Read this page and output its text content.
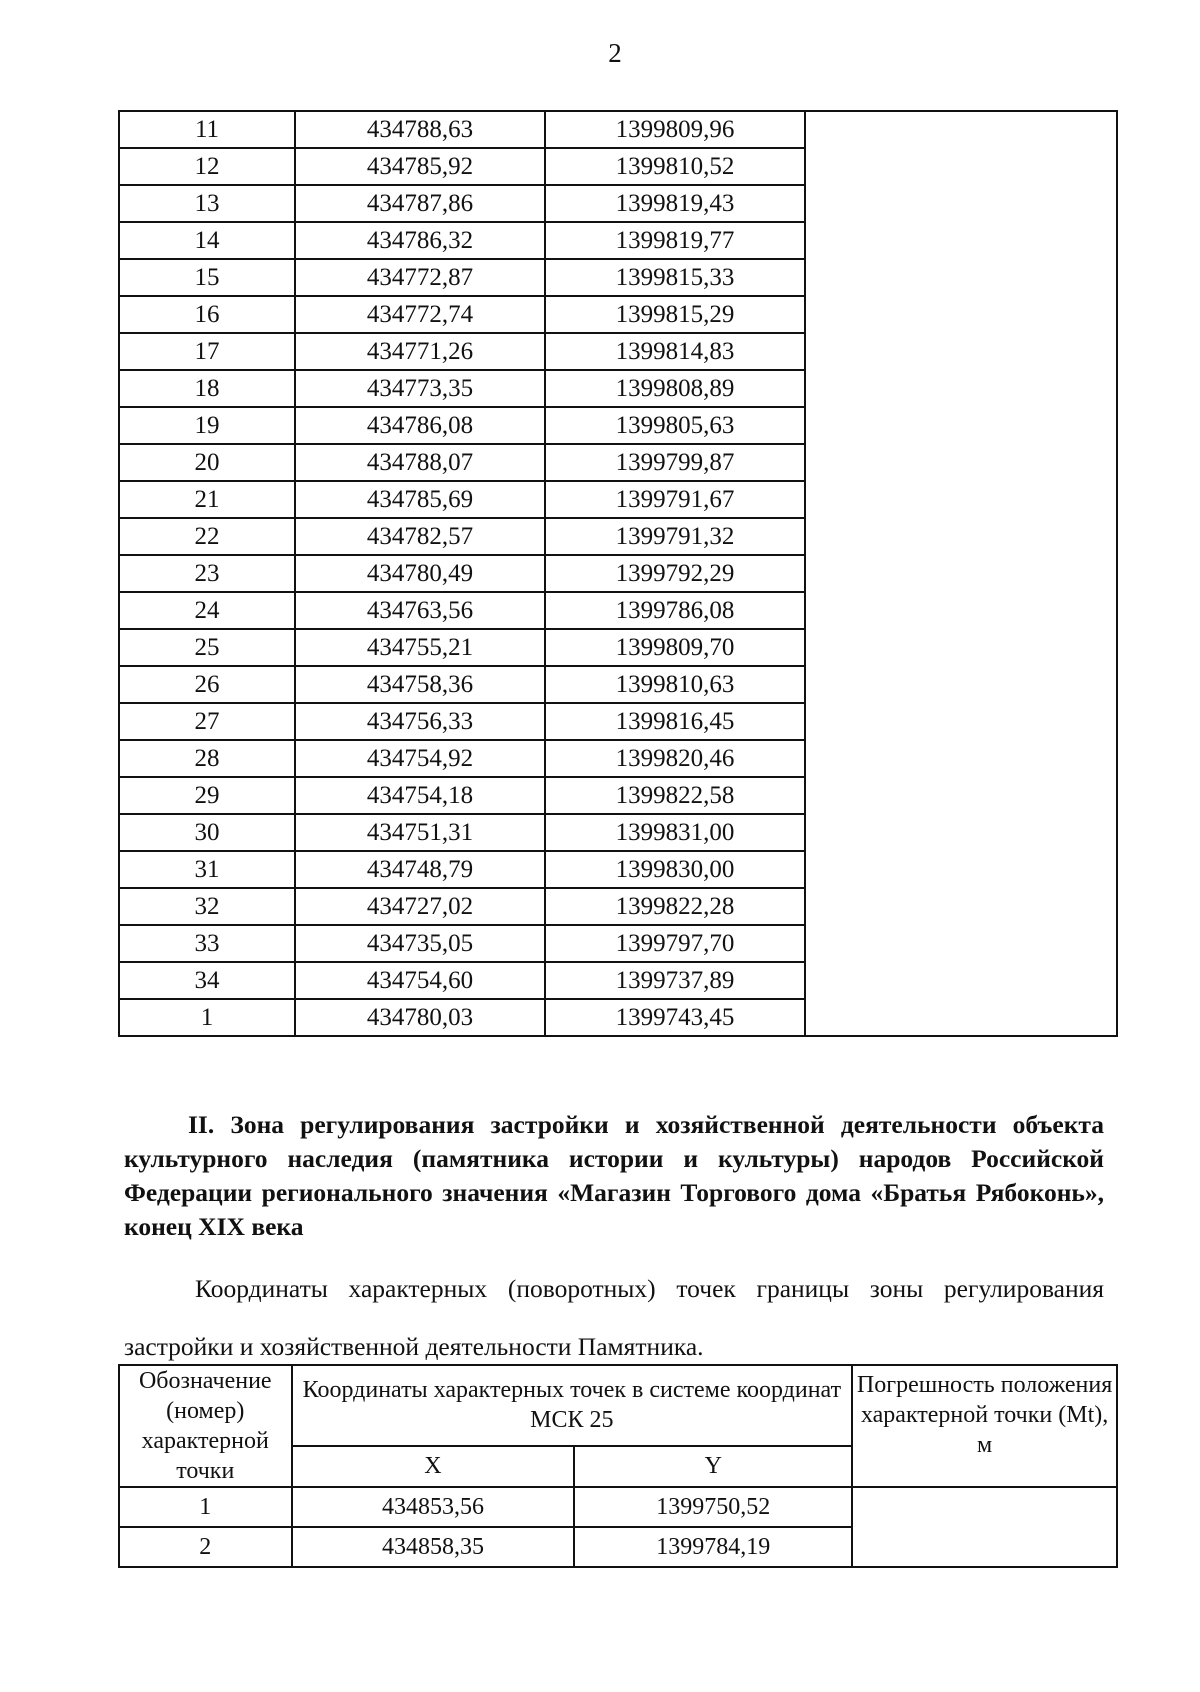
2
11	434788,63	1399809,96	
12	434785,92	1399810,52	
13	434787,86	1399819,43	
14	434786,32	1399819,77	
15	434772,87	1399815,33	
16	434772,74	1399815,29	
17	434771,26	1399814,83	
18	434773,35	1399808,89	
19	434786,08	1399805,63	
20	434788,07	1399799,87	
21	434785,69	1399791,67	
22	434782,57	1399791,32	
23	434780,49	1399792,29	
24	434763,56	1399786,08	
25	434755,21	1399809,70	
26	434758,36	1399810,63	
27	434756,33	1399816,45	
28	434754,92	1399820,46	
29	434754,18	1399822,58	
30	434751,31	1399831,00	
31	434748,79	1399830,00	
32	434727,02	1399822,28	
33	434735,05	1399797,70	
34	434754,60	1399737,89	
1	434780,03	1399743,45	
II. Зона регулирования застройки и хозяйственной деятельности объекта культурного наследия (памятника истории и культуры) народов Российской Федерации регионального значения «Магазин Торгового дома «Братья Рябоконь», конец XIX века
Координаты характерных (поворотных) точек границы зоны регулирования застройки и хозяйственной деятельности Памятника.
Обозначение (номер) характерной точки	Координаты характерных точек в системе координат МСК 25		Погрешность положения характерной точки (Mt), м
	X	Y	
1	434853,56	1399750,52	
2	434858,35	1399784,19	
